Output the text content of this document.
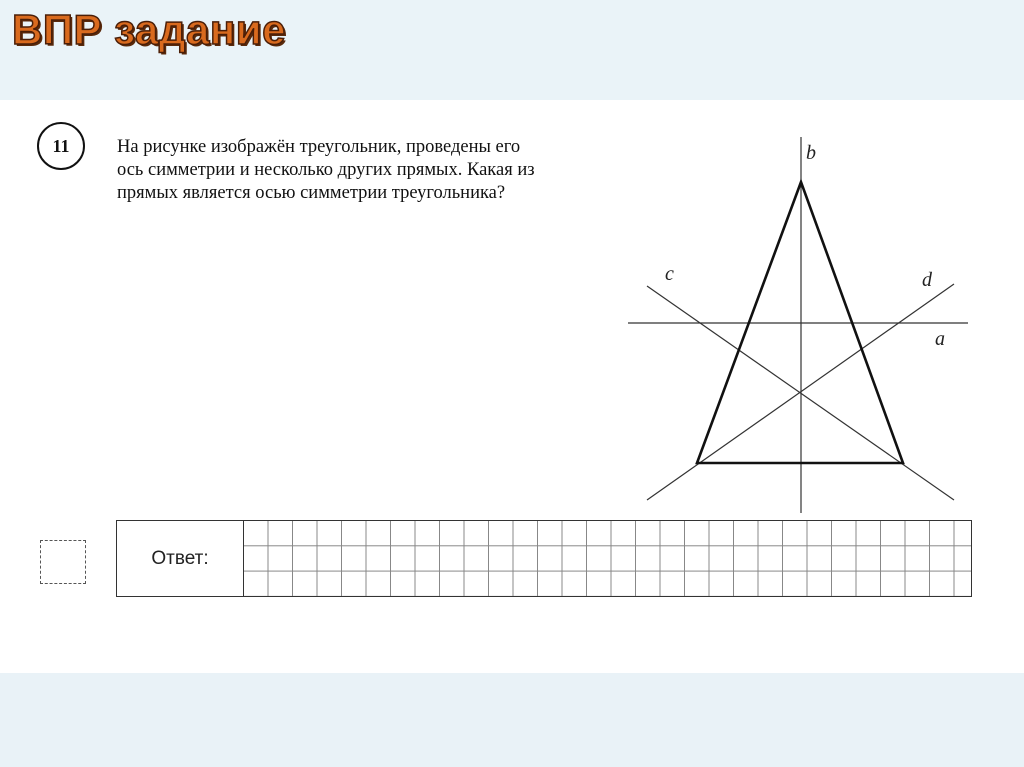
ВПР задание
11	На рисунке изображён треугольник, проведены его
ось симметрии и несколько других прямых. Какая из
прямых является осью симметрии треугольника?
b
c	d
a
Ответ:
